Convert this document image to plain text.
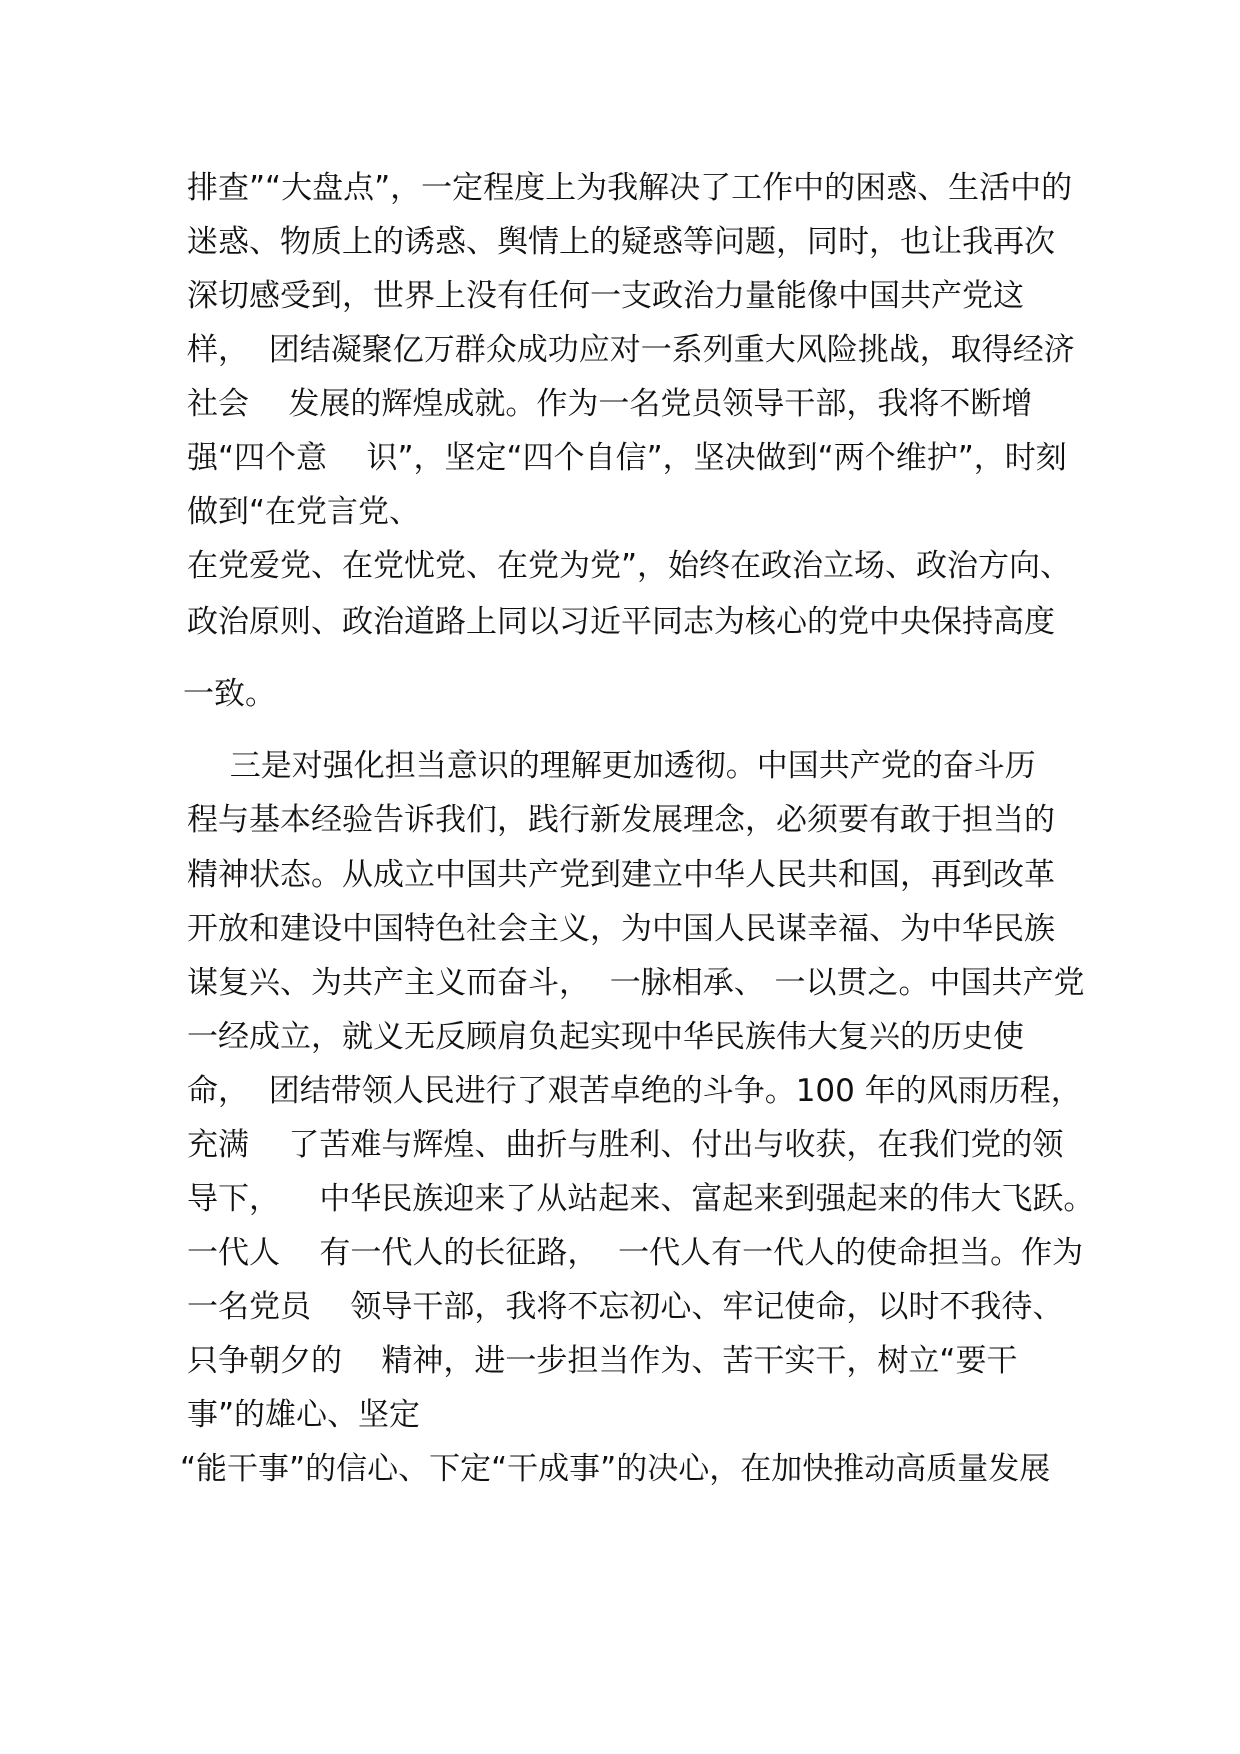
排查”“大盘点”，一定程度上为我解决了工作中的困惑、生活中的

迷惑、物质上的诱惑、舆情上的疑惑等问题，同时，也让我再次

深切感受到，世界上没有任何一支政治力量能像中国共产党这

样，  团结凝聚亿万群众成功应对一系列重大风险挑战，取得经济

社会    发展的辉煌成就。作为一名党员领导干部，我将不断增

强“四个意    识”，坚定“四个自信”，坚决做到“两个维护”，时刻

做到“在党言党、

在党爱党、在党忧党、在党为党”，始终在政治立场、政治方向、

政治原则、政治道路上同以习近平同志为核心的党中央保持高度

一致。

三是对强化担当意识的理解更加透彻。中国共产党的奋斗历

程与基本经验告诉我们，践行新发展理念，必须要有敢于担当的

精神状态。从成立中国共产党到建立中华人民共和国，再到改革

开放和建设中国特色社会主义，为中国人民谋幸福、为中华民族

谋复兴、为共产主义而奋斗，  一脉相承、 一以贯之。中国共产党

一经成立，就义无反顾肩负起实现中华民族伟大复兴的历史使

命，  团结带领人民进行了艰苦卓绝的斗争。100 年的风雨历程，

充满    了苦难与辉煌、曲折与胜利、付出与收获，在我们党的领

导下，    中华民族迎来了从站起来、富起来到强起来的伟大飞跃。

一代人    有一代人的长征路，  一代人有一代人的使命担当。作为

一名党员    领导干部，我将不忘初心、牢记使命，以时不我待、

只争朝夕的    精神，进一步担当作为、苦干实干，树立“要干

事”的雄心、坚定

“能干事”的信心、下定“干成事”的决心，在加快推动高质量发展
